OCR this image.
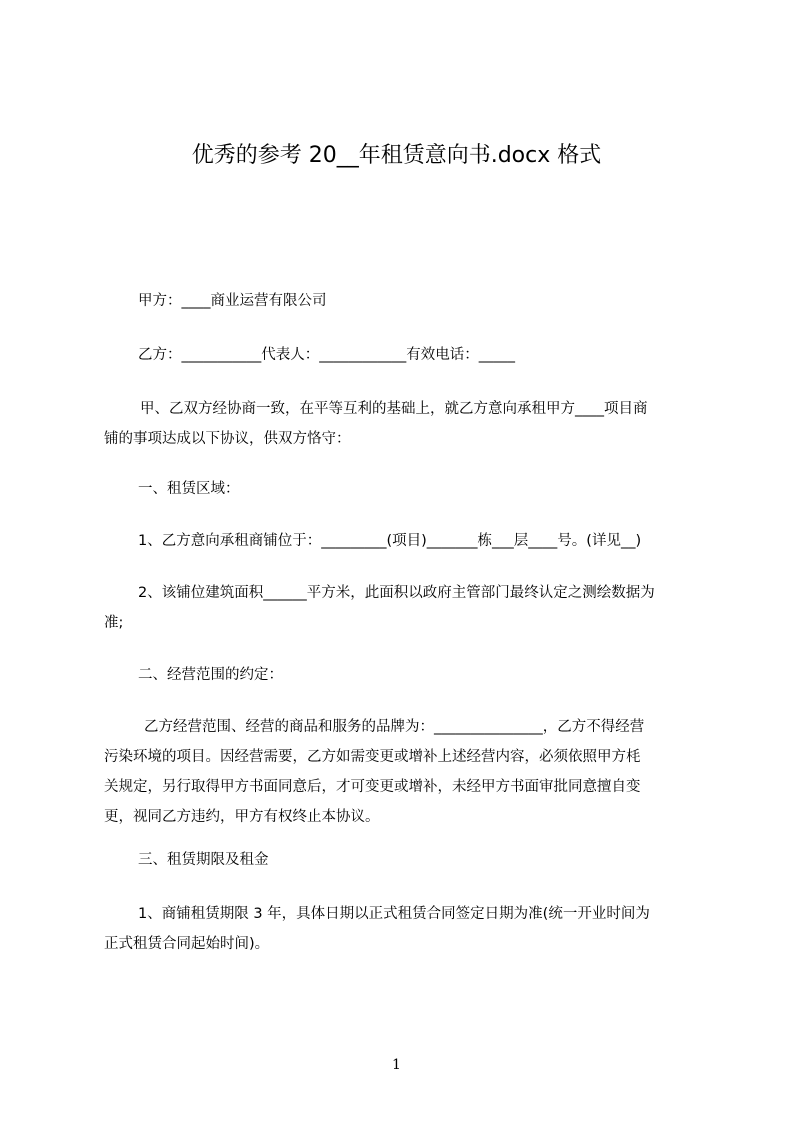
优秀的参考 20__年租赁意向书.docx 格式
甲方：____商业运营有限公司
乙方：___________代表人：____________有效电话：_____
甲、乙双方经协商一致，在平等互利的基础上，就乙方意向承租甲方____项目商
铺的事项达成以下协议，供双方恪守：
一、租赁区域：
1、乙方意向承租商铺位于：_________(项目)_______栋___层____号。(详见__)
2、该铺位建筑面积______平方米，此面积以政府主管部门最终认定之测绘数据为
准;
二、经营范围的约定：
乙方经营范围、经营的商品和服务的品牌为：_______________，乙方不得经营
污染环境的项目。因经营需要，乙方如需变更或增补上述经营内容，必须依照甲方枆
关规定，另行取得甲方书面同意后，才可变更或增补，未经甲方书面审批同意擅自变
更，视同乙方违约，甲方有权终止本协议。
三、租赁期限及租金
1、商铺租赁期限 3 年，具体日期以正式租赁合同签定日期为准(统一开业时间为
正式租赁合同起始时间)。
1
